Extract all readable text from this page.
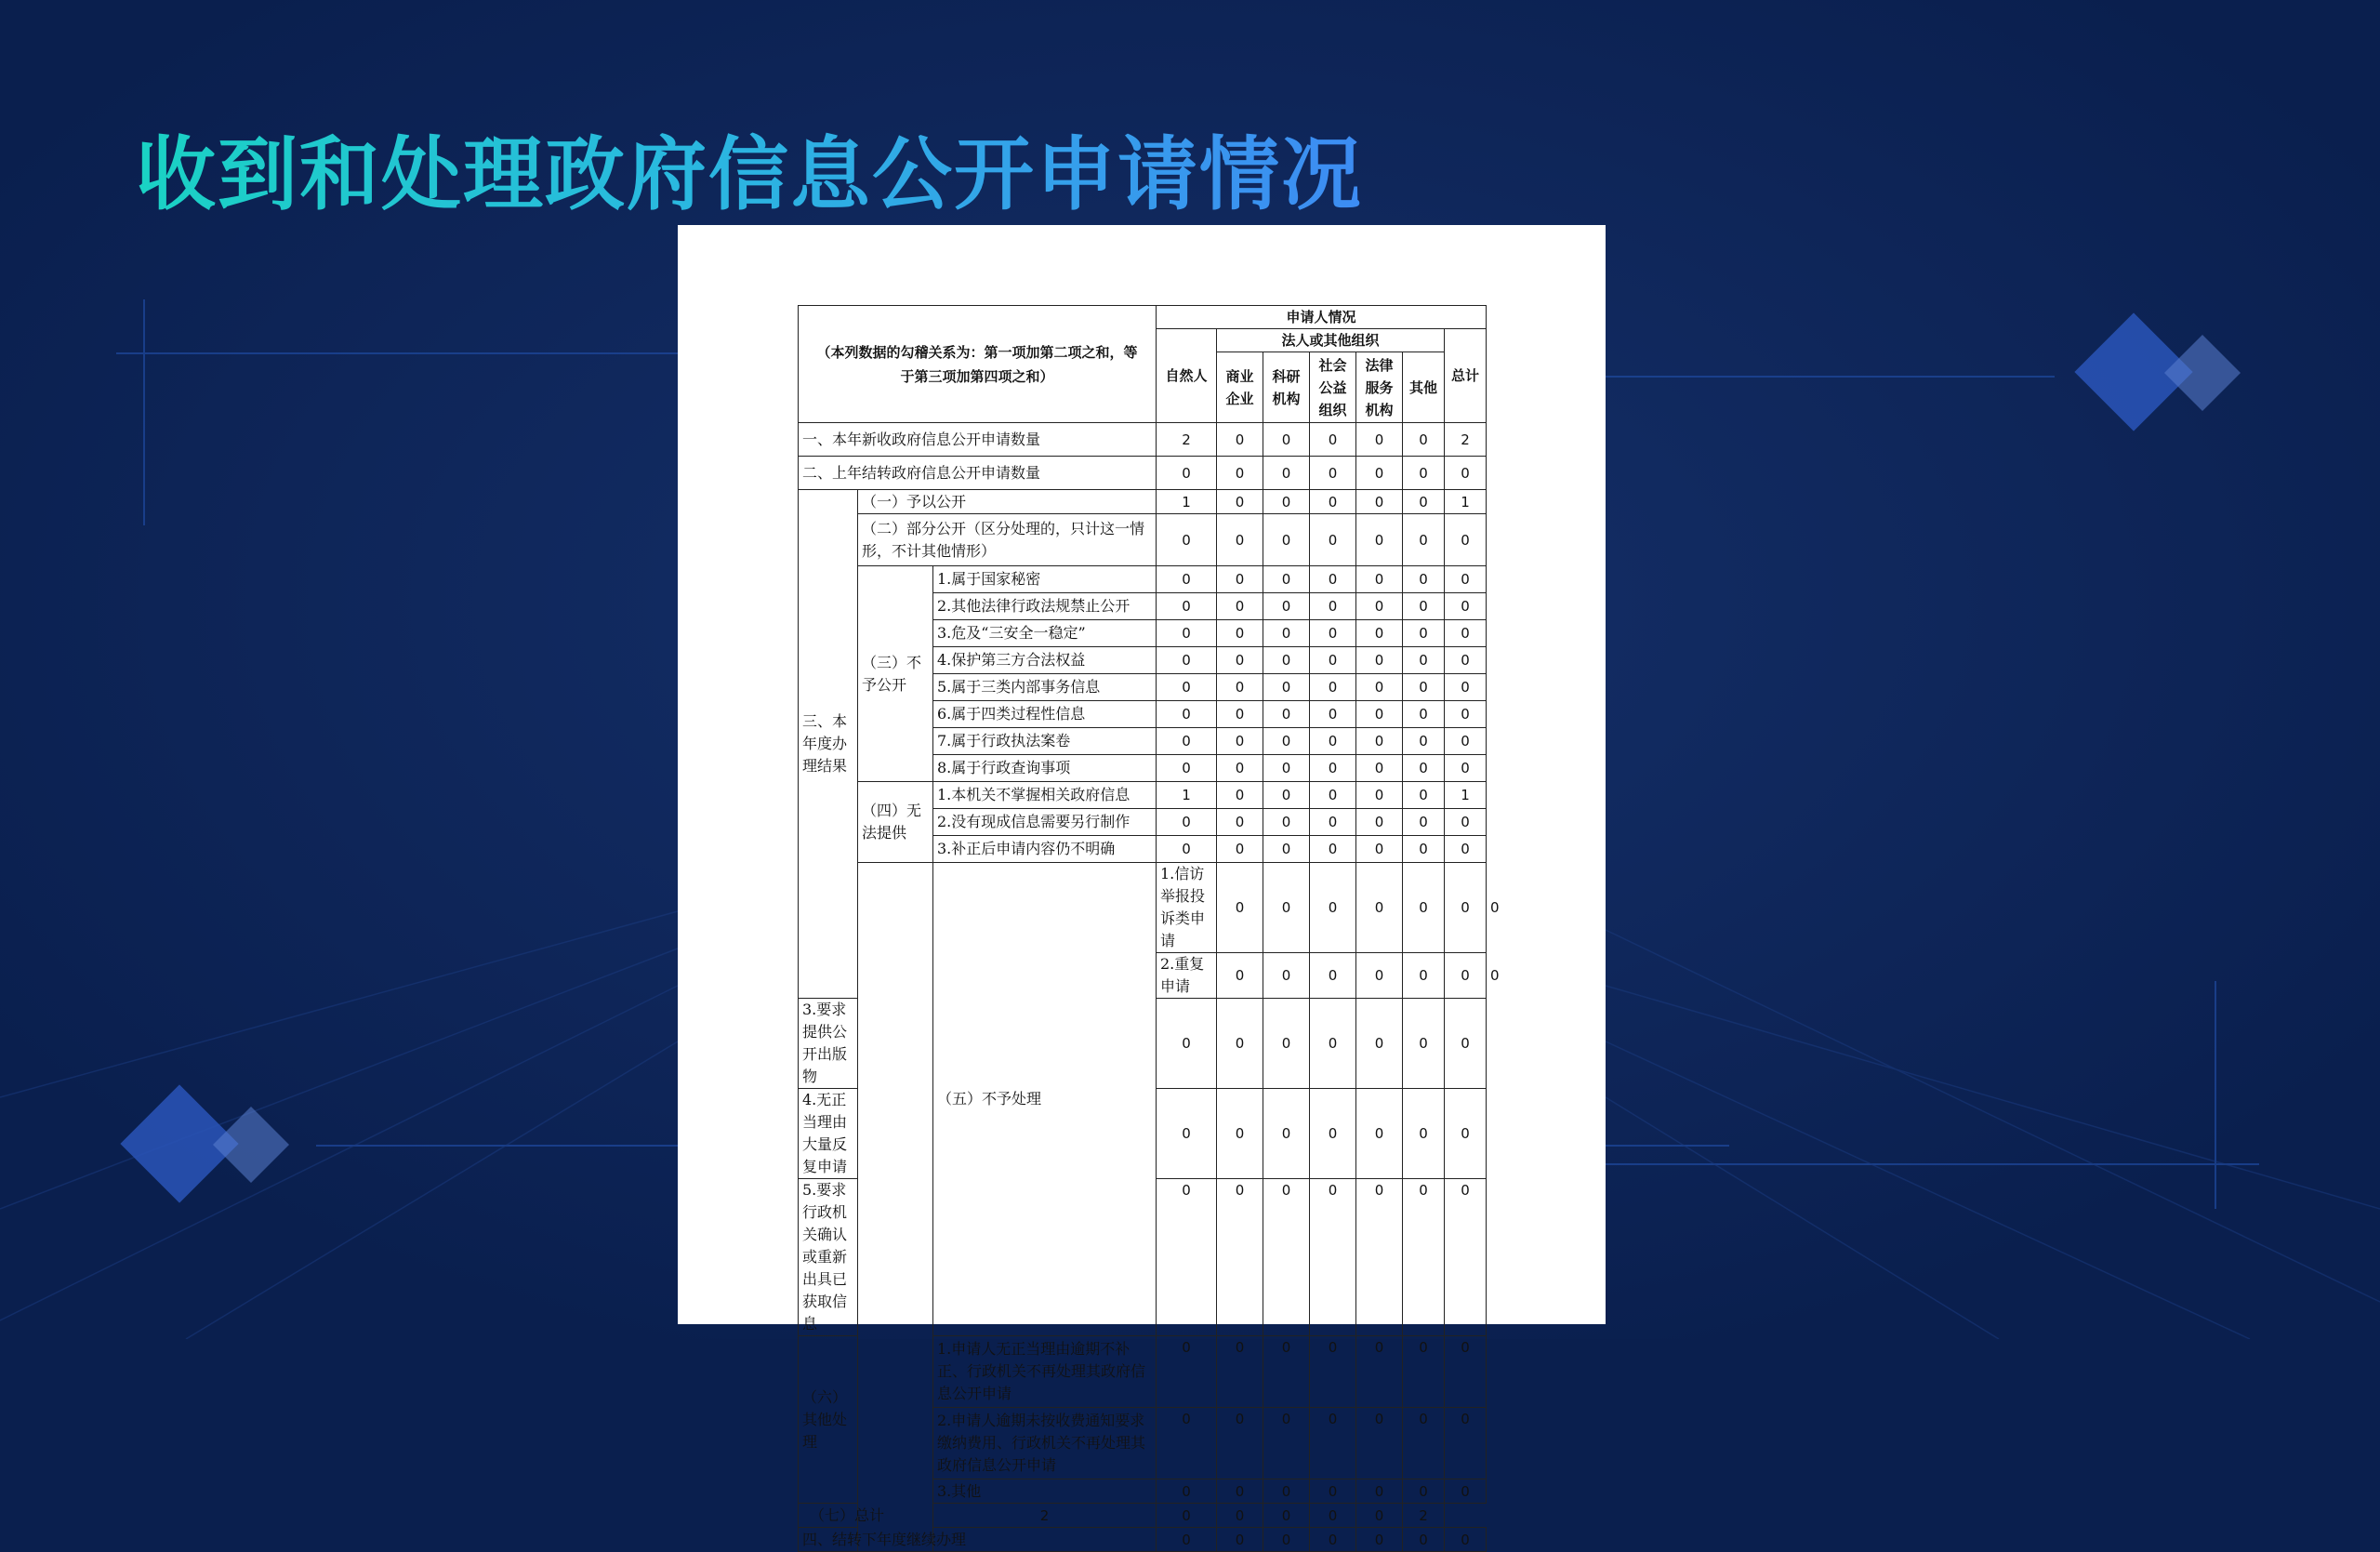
收到和处理政府信息公开申请情况
（本列数据的勾稽关系为：第一项加第二项之和，等于第三项加第四项之和）			申请人情况							
			自然人	法人或其他组织					总计	
				商业企业	科研机构	社会公益组织	法律服务机构	其他		

一、本年新收政府信息公开申请数量			2	0	0	0	0	0	2	
二、上年结转政府信息公开申请数量			0	0	0	0	0	0	0	
三、本年度办理结果	（一）予以公开		1	0	0	0	0	0	1	
	（二）部分公开（区分处理的，只计这一情形，不计其他情形）		0	0	0	0	0	0	0	
	（三）不予公开	1.属于国家秘密	0	0	0	0	0	0	0	
		2.其他法律行政法规禁止公开	0	0	0	0	0	0	0	
		3.危及“三安全一稳定”	0	0	0	0	0	0	0	
		4.保护第三方合法权益	0	0	0	0	0	0	0	
		5.属于三类内部事务信息	0	0	0	0	0	0	0	
		6.属于四类过程性信息	0	0	0	0	0	0	0	
		7.属于行政执法案卷	0	0	0	0	0	0	0	
		8.属于行政查询事项	0	0	0	0	0	0	0	
	（四）无法提供	1.本机关不掌握相关政府信息	1	0	0	0	0	0	1	
		2.没有现成信息需要另行制作	0	0	0	0	0	0	0	
		3.补正后申请内容仍不明确	0	0	0	0	0	0	0	
		（五）不予处理	1.信访举报投诉类申请	0	0	0	0	0	0	0
			2.重复申请	0	0	0	0	0	0	0
3.要求提供公开出版物			0	0	0	0	0	0	0	
4.无正当理由大量反复申请			0	0	0	0	0	0	0	
5.要求行政机关确认或重新出具已获取信息			0	0	0	0	0	0	0	
（六）其他处理		1.申请人无正当理由逾期不补正、行政机关不再处理其政府信息公开申请	0	0	0	0	0	0	0	
		2.申请人逾期未按收费通知要求缴纳费用、行政机关不再处理其政府信息公开申请	0	0	0	0	0	0	0	
		3.其他	0	0	0	0	0	0	0	
（七）总计		2	0	0	0	0	0	2		
四、结转下年度继续办理			0	0	0	0	0	0	0	
